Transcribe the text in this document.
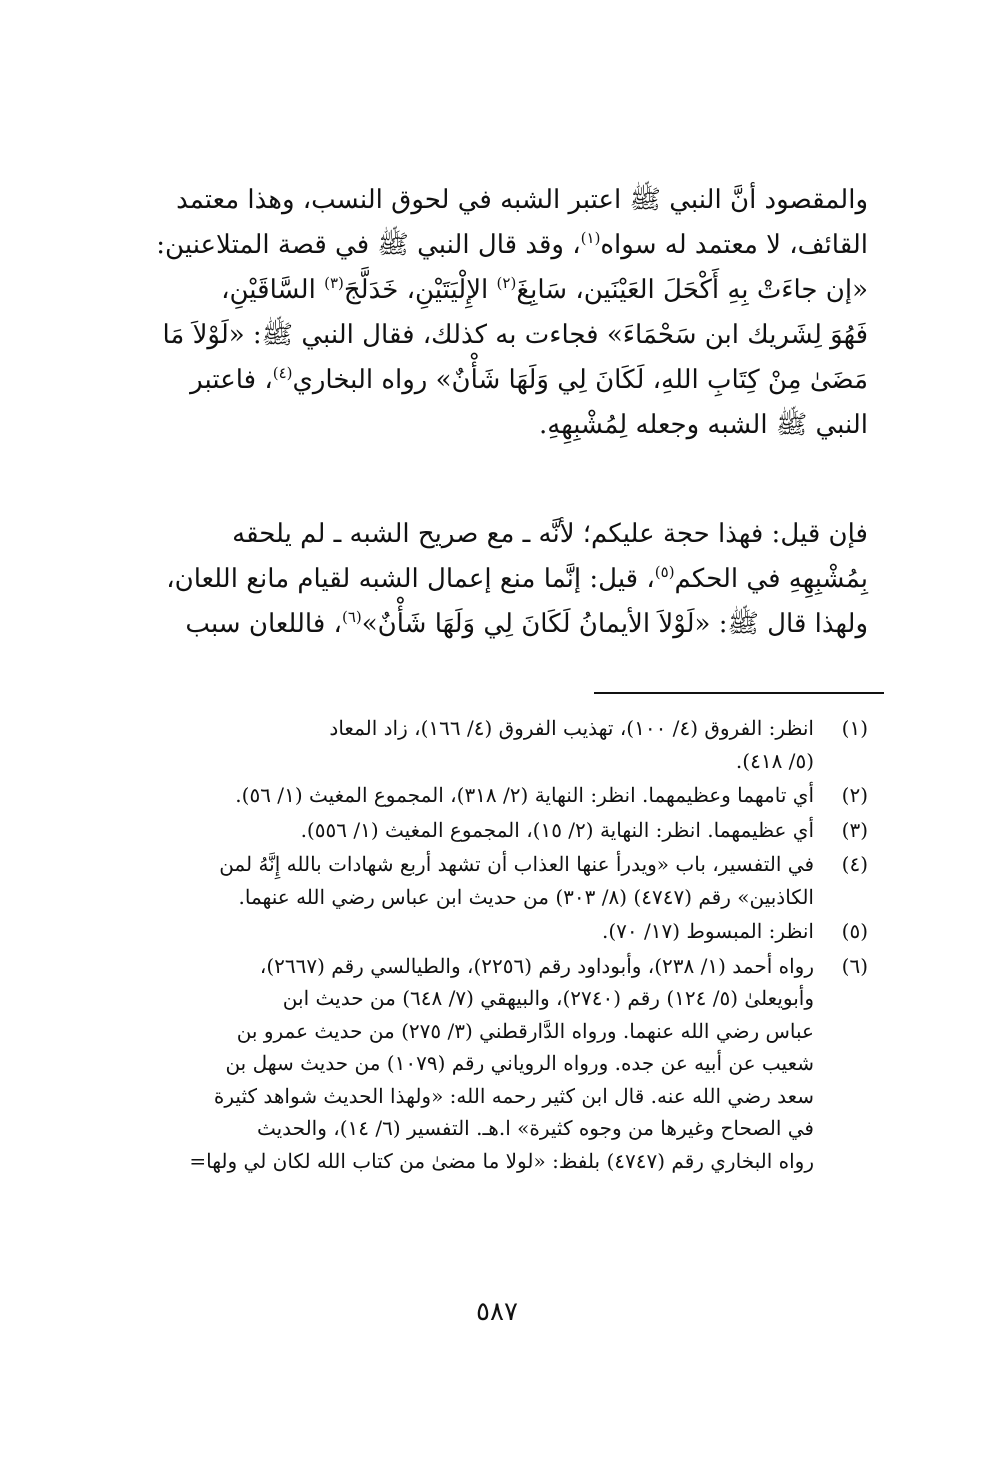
والمقصود أنَّ النبي ﷺ اعتبر الشبه في لحوق النسب، وهذا معتمد
القائف، لا معتمد له سواه$^{(١)}$، وقد قال النبي ﷺ في قصة المتلاعنين:
«إن جاءَتْ بِهِ أَكْحَلَ العَيْنَين، سَابِغَ$^{(٢)}$ الإِلْيَتَيْنِ، خَدَلَّجَ$^{(٣)}$ السَّاقَيْنِ،
فَهُوَ لِشَريك ابن سَحْمَاءَ» فجاءت به كذلك، فقال النبي ﷺ: «لَوْلاَ مَا
مَضَىٰ مِنْ كِتَابِ اللهِ، لَكَانَ لِي وَلَهَا شَأْنٌ» رواه البخاري$^{(٤)}$، فاعتبر
النبي ﷺ الشبه وجعله لِمُشْبِهِهِ.
فإن قيل: فهذا حجة عليكم؛ لأنَّه ـ مع صريح الشبه ـ لم يلحقه
بِمُشْبِهِهِ في الحكم$^{(٥)}$، قيل: إنَّما منع إعمال الشبه لقيام مانع اللعان،
ولهذا قال ﷺ: «لَوْلاَ الأيمانُ لَكَانَ لِي وَلَهَا شَأْنٌ»$^{(٦)}$، فاللعان سبب
(١)
انظر: الفروق (٤/ ١٠٠)، تهذيب الفروق (٤/ ١٦٦)، زاد المعاد
(٥/ ٤١٨).
(٢)
أي تامهما وعظيمهما. انظر: النهاية (٢/ ٣١٨)، المجموع المغيث (١/ ٥٦).
(٣)
أي عظيمهما. انظر: النهاية (٢/ ١٥)، المجموع المغيث (١/ ٥٥٦).
(٤)
في التفسير، باب «ويدرأ عنها العذاب أن تشهد أربع شهادات بالله إِنَّهُ لمن
الكاذبين» رقم (٤٧٤٧) (٨/ ٣٠٣) من حديث ابن عباس رضي الله عنهما.
(٥)
انظر: المبسوط (١٧/ ٧٠).
(٦)
رواه أحمد (١/ ٢٣٨)، وأبوداود رقم (٢٢٥٦)، والطيالسي رقم (٢٦٦٧)،
وأبويعلىٰ (٥/ ١٢٤) رقم (٢٧٤٠)، والبيهقي (٧/ ٦٤٨) من حديث ابن
عباس رضي الله عنهما. ورواه الدَّارقطني (٣/ ٢٧٥) من حديث عمرو بن
شعيب عن أبيه عن جده. ورواه الروياني رقم (١٠٧٩) من حديث سهل بن
سعد رضي الله عنه. قال ابن كثير رحمه الله: «ولهذا الحديث شواهد كثيرة
في الصحاح وغيرها من وجوه كثيرة» ا.هـ. التفسير (٦/ ١٤)، والحديث
رواه البخاري رقم (٤٧٤٧) بلفظ: «لولا ما مضىٰ من كتاب الله لكان لي ولها=
٥٨٧
